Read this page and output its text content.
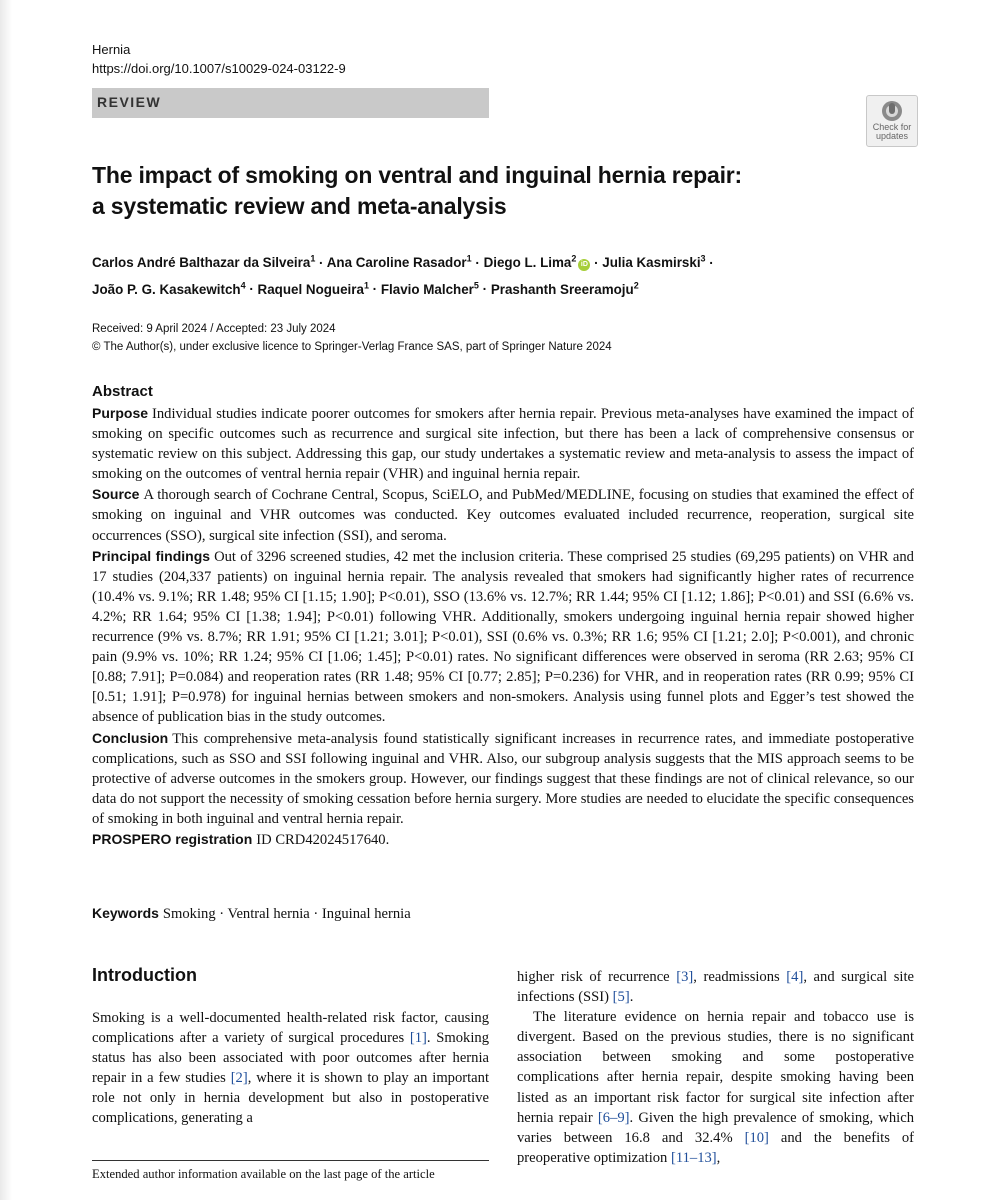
Hernia
https://doi.org/10.1007/s10029-024-03122-9
REVIEW
Check for
updates
The impact of smoking on ventral and inguinal hernia repair:
a systematic review and meta-analysis
Carlos André Balthazar da Silveira$^1$ · Ana Caroline Rasador$^1$ · Diego L. Lima$^2$iD · Julia Kasmirski$^3$ ·
João P. G. Kasakewitch$^4$ · Raquel Nogueira$^1$ · Flavio Malcher$^5$ · Prashanth Sreeramoju$^2$
Received: 9 April 2024 / Accepted: 23 July 2024
© The Author(s), under exclusive licence to Springer-Verlag France SAS, part of Springer Nature 2024
Abstract

Purpose Individual studies indicate poorer outcomes for smokers after hernia repair. Previous meta-analyses have examined the impact of smoking on specific outcomes such as recurrence and surgical site infection, but there has been a lack of comprehensive consensus or systematic review on this subject. Addressing this gap, our study undertakes a systematic review and meta-analysis to assess the impact of smoking on the outcomes of ventral hernia repair (VHR) and inguinal hernia repair.

Source A thorough search of Cochrane Central, Scopus, SciELO, and PubMed/MEDLINE, focusing on studies that examined the effect of smoking on inguinal and VHR outcomes was conducted. Key outcomes evaluated included recurrence, reoperation, surgical site occurrences (SSO), surgical site infection (SSI), and seroma.

Principal findings Out of 3296 screened studies, 42 met the inclusion criteria. These comprised 25 studies (69,295 patients) on VHR and 17 studies (204,337 patients) on inguinal hernia repair. The analysis revealed that smokers had significantly higher rates of recurrence (10.4% vs. 9.1%; RR 1.48; 95% CI [1.15; 1.90]; P<0.01), SSO (13.6% vs. 12.7%; RR 1.44; 95% CI [1.12; 1.86]; P<0.01) and SSI (6.6% vs. 4.2%; RR 1.64; 95% CI [1.38; 1.94]; P<0.01) following VHR. Additionally, smokers undergoing inguinal hernia repair showed higher recurrence (9% vs. 8.7%; RR 1.91; 95% CI [1.21; 3.01]; P<0.01), SSI (0.6% vs. 0.3%; RR 1.6; 95% CI [1.21; 2.0]; P<0.001), and chronic pain (9.9% vs. 10%; RR 1.24; 95% CI [1.06; 1.45]; P<0.01) rates. No significant differences were observed in seroma (RR 2.63; 95% CI [0.88; 7.91]; P=0.084) and reoperation rates (RR 1.48; 95% CI [0.77; 2.85]; P=0.236) for VHR, and in reoperation rates (RR 0.99; 95% CI [0.51; 1.91]; P=0.978) for inguinal hernias between smokers and non-smokers. Analysis using funnel plots and Egger’s test showed the absence of publication bias in the study outcomes.

Conclusion This comprehensive meta-analysis found statistically significant increases in recurrence rates, and immediate postoperative complications, such as SSO and SSI following inguinal and VHR. Also, our subgroup analysis suggests that the MIS approach seems to be protective of adverse outcomes in the smokers group. However, our findings suggest that these findings are not of clinical relevance, so our data do not support the necessity of smoking cessation before hernia surgery. More studies are needed to elucidate the specific consequences of smoking in both inguinal and ventral hernia repair.

PROSPERO registration ID CRD42024517640.

Keywords Smoking · Ventral hernia · Inguinal hernia
Introduction

Smoking is a well-documented health-related risk factor, causing complications after a variety of surgical procedures [1]. Smoking status has also been associated with poor outcomes after hernia repair in a few studies [2], where it is shown to play an important role not only in hernia development but also in postoperative complications, generating a

higher risk of recurrence [3], readmissions [4], and surgical site infections (SSI) [5].

The literature evidence on hernia repair and tobacco use is divergent. Based on the previous studies, there is no significant association between smoking and some postoperative complications after hernia repair, despite smoking having been listed as an important risk factor for surgical site infection after hernia repair [6–9]. Given the high prevalence of smoking, which varies between 16.8 and 32.4% [10] and the benefits of preoperative optimization [11–13],

Extended author information available on the last page of the article
